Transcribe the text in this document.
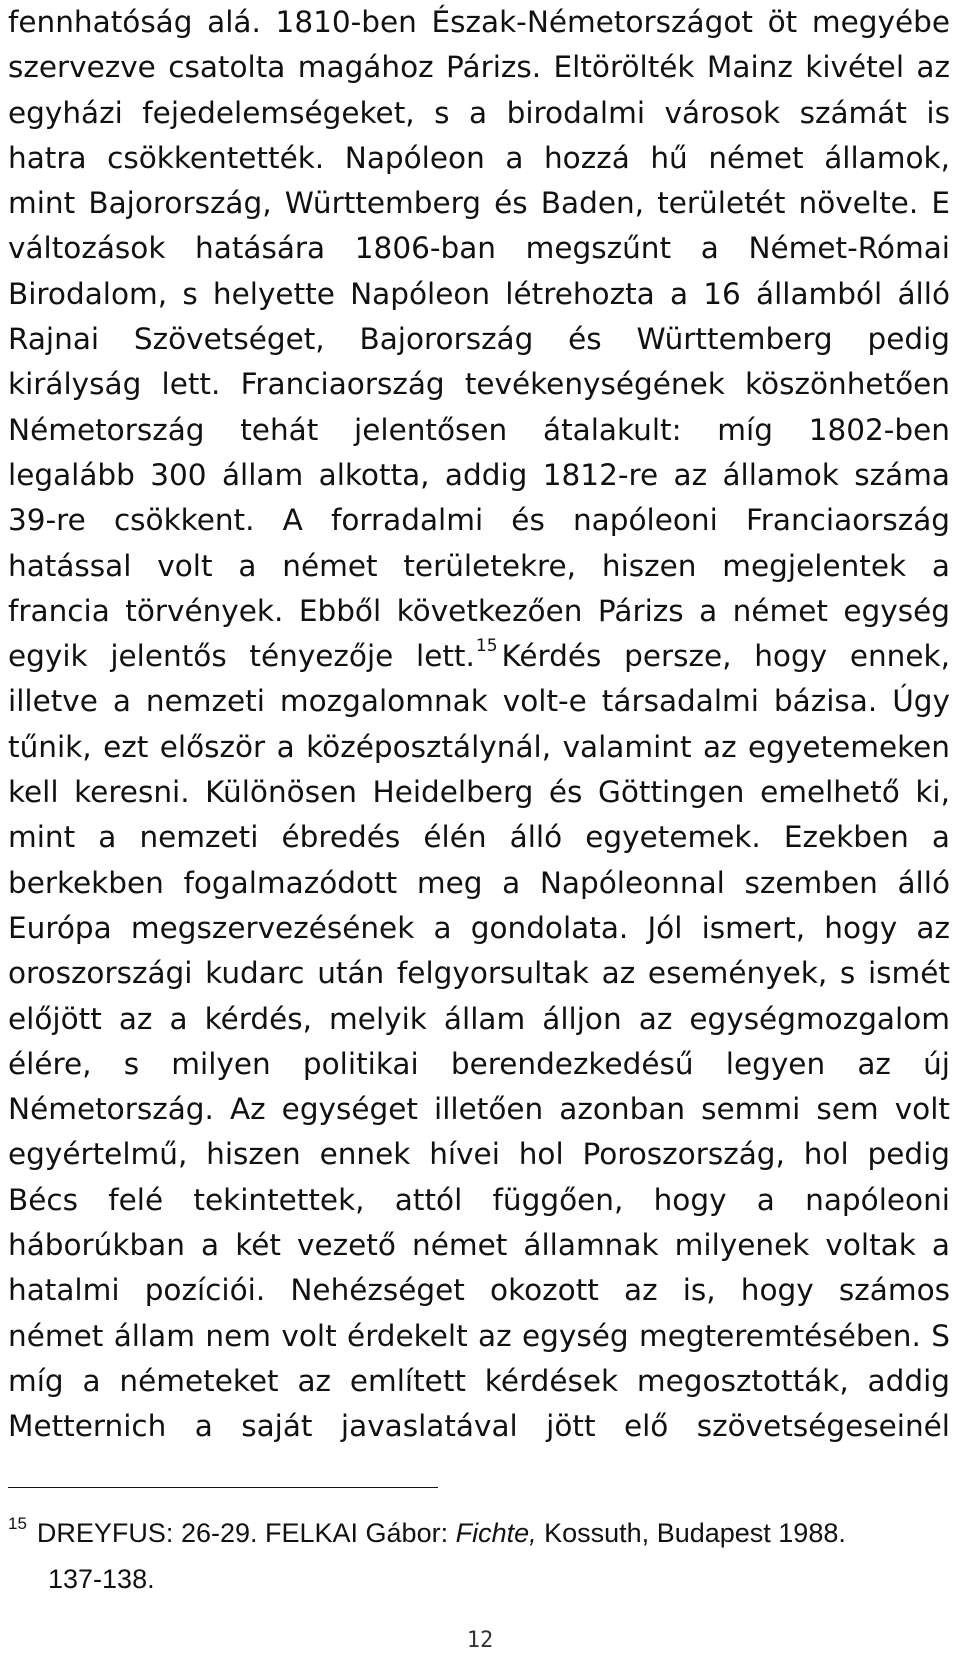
fennhatóság alá. 1810-ben Észak-Németországot öt megyébe
szervezve csatolta magához Párizs. Eltörölték Mainz kivétel az
egyházi fejedelemségeket, s a birodalmi városok számát is
hatra csökkentették. Napóleon a hozzá hű német államok,
mint Bajorország, Württemberg és Baden, területét növelte. E
változások hatására 1806-ban megszűnt a Német-Római
Birodalom, s helyette Napóleon létrehozta a 16 államból álló
Rajnai Szövetséget, Bajorország és Württemberg pedig
királyság lett. Franciaország tevékenységének köszönhetően
Németország tehát jelentősen átalakult: míg 1802-ben
legalább 300 állam alkotta, addig 1812-re az államok száma
39-re csökkent. A forradalmi és napóleoni Franciaország
hatással volt a német területekre, hiszen megjelentek a
francia törvények. Ebből következően Párizs a német egység
egyik jelentős tényezője lett.$^{15}$ Kérdés persze, hogy ennek,
illetve a nemzeti mozgalomnak volt-e társadalmi bázisa. Úgy
tűnik, ezt először a középosztálynál, valamint az egyetemeken
kell keresni. Különösen Heidelberg és Göttingen emelhető ki,
mint a nemzeti ébredés élén álló egyetemek. Ezekben a
berkekben fogalmazódott meg a Napóleonnal szemben álló
Európa megszervezésének a gondolata. Jól ismert, hogy az
oroszországi kudarc után felgyorsultak az események, s ismét
előjött az a kérdés, melyik állam álljon az egységmozgalom
élére, s milyen politikai berendezkedésű legyen az új
Németország. Az egységet illetően azonban semmi sem volt
egyértelmű, hiszen ennek hívei hol Poroszország, hol pedig
Bécs felé tekintettek, attól függően, hogy a napóleoni
háborúkban a két vezető német államnak milyenek voltak a
hatalmi pozíciói. Nehézséget okozott az is, hogy számos
német állam nem volt érdekelt az egység megteremtésében. S
míg a németeket az említett kérdések megosztották, addig
Metternich a saját javaslatával jött elő szövetségeseinél
$^{15}$ DREYFUS: 26-29. FELKAI Gábor: Fichte, Kossuth, Budapest 1988.
137-138.
12
